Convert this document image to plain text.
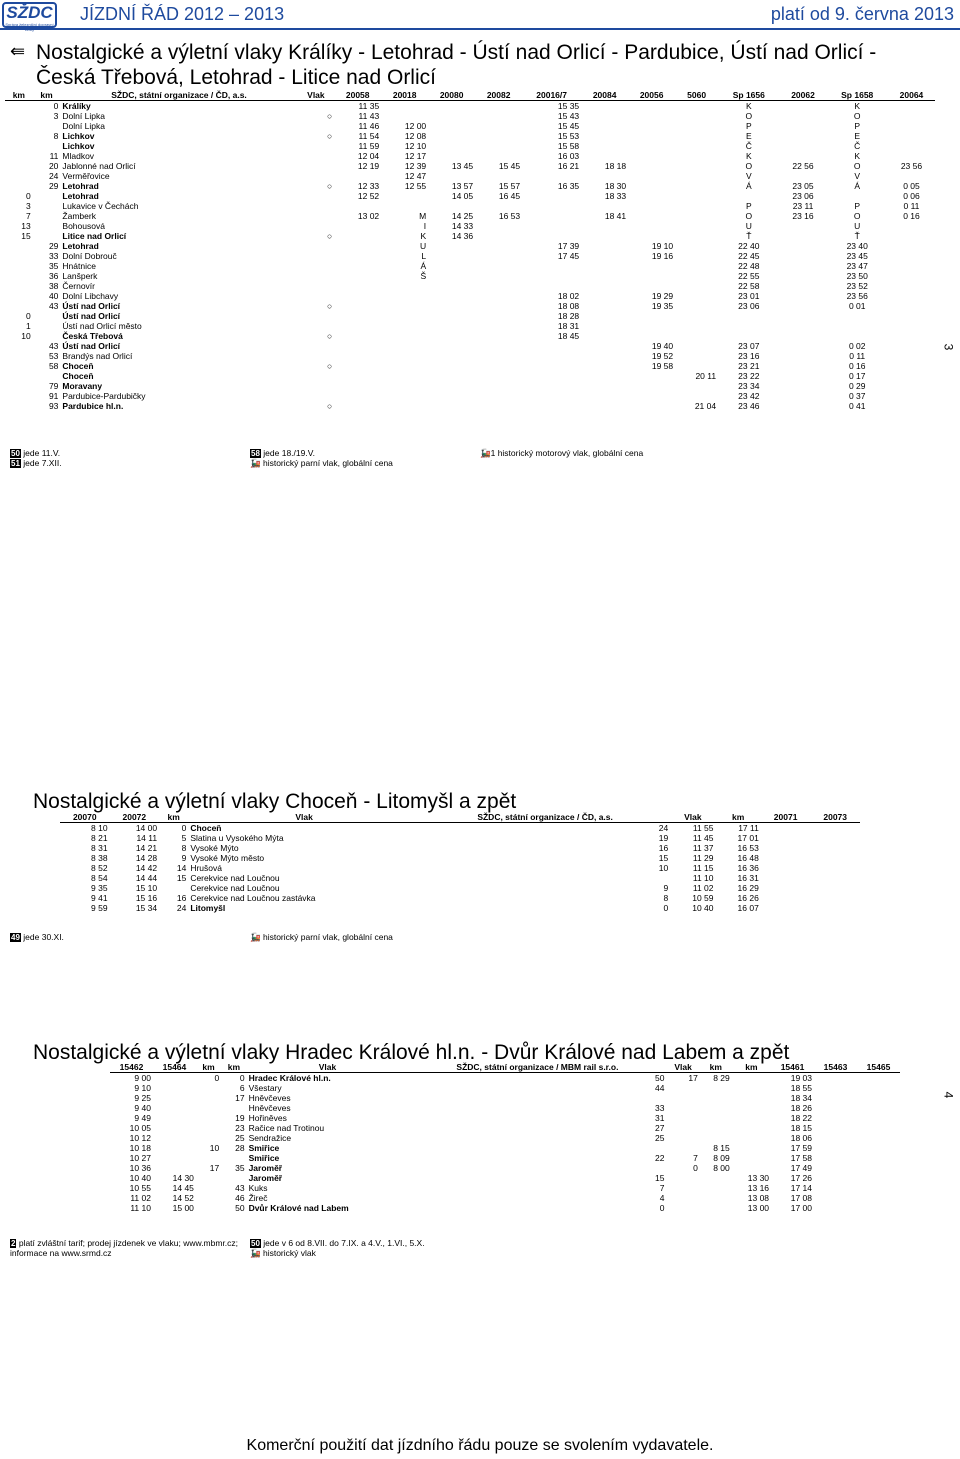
SŽDC
Správa železniční dopravní
JÍZDNÍ ŘÁD 2012 – 2013	platí od 9. června 2013
⇚ Nostalgické a výletní vlaky Králíky - Letohrad - Ústí nad Orlicí - Pardubice, Ústí nad Orlicí - Česká Třebová, Letohrad - Litice nad Orlicí
km	km	SŽDC, státní organizace / ČD, a.s.	Vlak	20058	20018	20080	20082	20016/7	20084	20056	5060	Sp 1656	20062	Sp 1658	20064
	0	Králíky		11 35				15 35				K		K	
	3	Dolní Lipka	○	11 43				15 43				O		O	
		Dolní Lipka		11 46	12 00			15 45				P		P	
	8	Lichkov	○	11 54	12 08			15 53				E		E	
		Lichkov		11 59	12 10			15 58				Č		Č	
	11	Mladkov		12 04	12 17			16 03				K		K	
	20	Jablonné nad Orlicí		12 19	12 39	13 45	15 45	16 21	18 18			O	22 56	O	23 56
	24	Verměřovice			12 47							V		V	
	29	Letohrad	○	12 33	12 55	13 57	15 57	16 35	18 30			Á	23 05	Á	0 05
0		Letohrad		12 52		14 05	16 45		18 33				23 06		0 06
3		Lukavice v Čechách										P	23 11	P	0 11
7		Žamberk		13 02	M	14 25	16 53		18 41			O	23 16	O	0 16
13		Bohousová			I	14 33						U		U	
15		Litice nad Orlicí	○		K	14 36						Ť		Ť	
	29	Letohrad			U			17 39		19 10		22 40		23 40	
	33	Dolní Dobrouč			L			17 45		19 16		22 45		23 45	
	35	Hnátnice			Á							22 48		23 47	
	36	Lanšperk			Š							22 55		23 50	
	38	Černovír										22 58		23 52	
	40	Dolní Libchavy						18 02		19 29		23 01		23 56	
	43	Ústí nad Orlicí	○					18 08		19 35		23 06		0 01	
0		Ústí nad Orlicí						18 28							
1		Ústí nad Orlicí město						18 31							
10		Česká Třebová	○					18 45							
	43	Ústí nad Orlicí								19 40		23 07		0 02	
	53	Brandýs nad Orlicí								19 52		23 16		0 11	
	58	Choceň	○							19 58		23 21		0 16	
		Choceň									20 11	23 22		0 17	
	79	Moravany										23 34		0 29	
	91	Pardubice-Pardubičky										23 42		0 37	
	93	Pardubice hl.n.	○								21 04	23 46		0 41	
50 jede 11.V.
51 jede 7.XII.
58 jede 18./19.V.
🚂 historický parní vlak, globální cena
🚂1 historický motorový vlak, globální cena
3
Nostalgické a výletní vlaky Choceň - Litomyšl a zpět
20070	20072	km	Vlak	SŽDC, státní organizace / ČD, a.s.	Vlak	km	20071	20073
8 10	14 00	0	Choceň	24	11 55	17 11		
8 21	14 11	5	Slatina u Vysokého Mýta	19	11 45	17 01		
8 31	14 21	8	Vysoké Mýto	16	11 37	16 53		
8 38	14 28	9	Vysoké Mýto město	15	11 29	16 48		
8 52	14 42	14	Hrušová	10	11 15	16 36		
8 54	14 44	15	Cerekvice nad Loučnou		11 10	16 31		
9 35	15 10		Cerekvice nad Loučnou	9	11 02	16 29		
9 41	15 16	16	Cerekvice nad Loučnou zastávka	8	10 59	16 26		
9 59	15 34	24	Litomyšl	0	10 40	16 07		
49 jede 30.XI.	🚂 historický parní vlak, globální cena
Nostalgické a výletní vlaky Hradec Králové hl.n. - Dvůr Králové nad Labem a zpět
15462	15464	km	km	Vlak	SŽDC, státní organizace / MBM rail s.r.o.	Vlak	km	km	15461	15463	15465
9 00		0	0	Hradec Králové hl.n.	50	17	8 29		19 03		
9 10			6	Všestary	44				18 55		
9 25			17	Hněvčeves					18 34		
9 40				Hněvčeves	33				18 26		
9 49			19	Hořiněves	31				18 22		
10 05			23	Račice nad Trotinou	27				18 15		
10 12			25	Sendražice	25				18 06		
10 18		10	28	Smiřice			8 15		17 59		
10 27				Smiřice	22	7	8 09		17 58		
10 36		17	35	Jaroměř		0	8 00		17 49		
10 40	14 30			Jaroměř	15			13 30	17 26		
10 55	14 45		43	Kuks	7			13 16	17 14		
11 02	14 52		46	Žireč	4			13 08	17 08		
11 10	15 00		50	Dvůr Králové nad Labem	0			13 00	17 00		
2 platí zvláštní tarif; prodej jízdenek ve vlaku; www.mbmr.cz; informace na www.srmd.cz
50 jede v 6 od 8.VII. do 7.IX. a 4.V., 1.VI., 5.X.
🚂 historický vlak
4
Komerční použití dat jízdního řádu pouze se svolením vydavatele.
